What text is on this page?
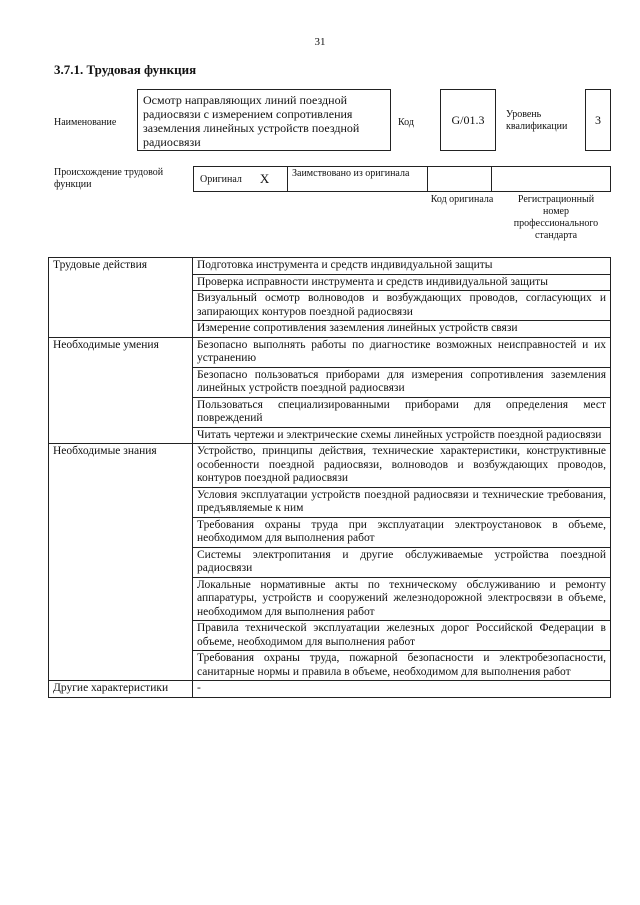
31
3.7.1. Трудовая функция
Наименование
Осмотр направляющих линий поездной радиосвязи с измерением сопротивления заземления линейных устройств поездной радиосвязи
Код	G/01.3	Уровень квалификации	3
Происхождение трудовой функции	Оригинал X	Заимствовано из оригинала
Код оригинала	Регистрационный номер профессионального стандарта
Трудовые действия	Подготовка инструмента и средств индивидуальной защиты
	Проверка исправности инструмента и средств индивидуальной защиты
	Визуальный осмотр волноводов и возбуждающих проводов, согласующих и запирающих контуров поездной радиосвязи
	Измерение сопротивления заземления линейных устройств связи
Необходимые умения	Безопасно выполнять работы по диагностике возможных неисправностей и их устранению
	Безопасно пользоваться приборами для измерения сопротивления заземления линейных устройств поездной радиосвязи
	Пользоваться специализированными приборами для определения мест повреждений
	Читать чертежи и электрические схемы линейных устройств поездной радиосвязи
Необходимые знания	Устройство, принципы действия, технические характеристики, конструктивные особенности поездной радиосвязи, волноводов и возбуждающих проводов, контуров поездной радиосвязи
	Условия эксплуатации устройств поездной радиосвязи и технические требования, предъявляемые к ним
	Требования охраны труда при эксплуатации электроустановок в объеме, необходимом для выполнения работ
	Системы электропитания и другие обслуживаемые устройства поездной радиосвязи
	Локальные нормативные акты по техническому обслуживанию и ремонту аппаратуры, устройств и сооружений железнодорожной электросвязи в объеме, необходимом для выполнения работ
	Правила технической эксплуатации железных дорог Российской Федерации в объеме, необходимом для выполнения работ
	Требования охраны труда, пожарной безопасности и электробезопасности, санитарные нормы и правила в объеме, необходимом для выполнения работ
Другие характеристики	-
